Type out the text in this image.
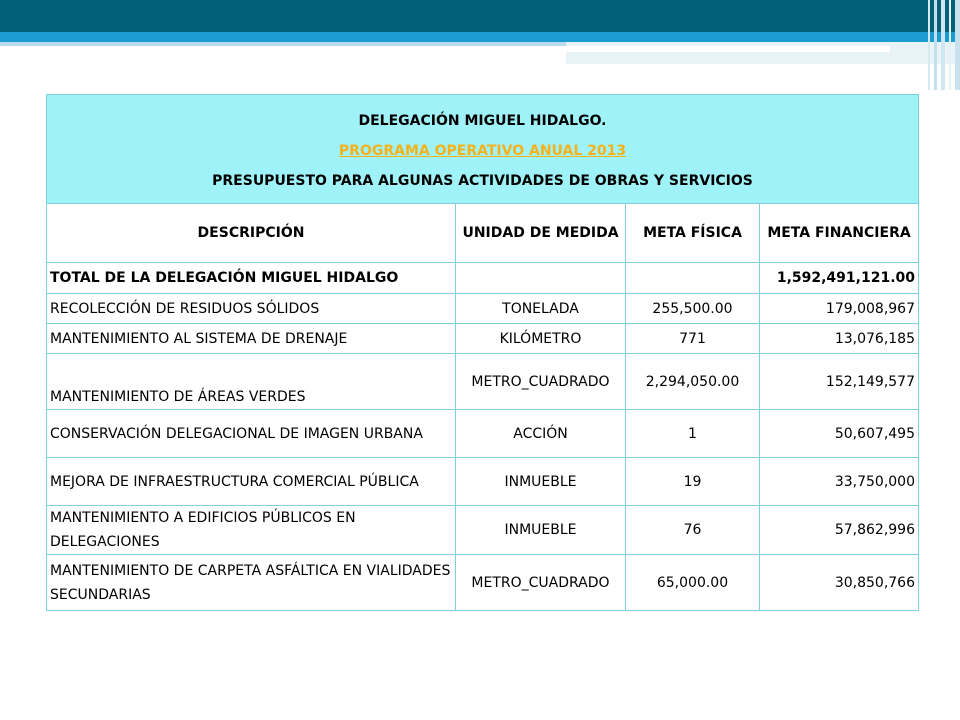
DELEGACIÓN MIGUEL HIDALGO.
PROGRAMA OPERATIVO ANUAL 2013
PRESUPUESTO PARA ALGUNAS ACTIVIDADES DE OBRAS Y SERVICIOS			

DESCRIPCIÓN	UNIDAD DE MEDIDA	META FÍSICA	META FINANCIERA
TOTAL DE LA DELEGACIÓN MIGUEL HIDALGO			1,592,491,121.00
RECOLECCIÓN DE RESIDUOS SÓLIDOS	TONELADA	255,500.00	179,008,967
MANTENIMIENTO AL SISTEMA DE DRENAJE	KILÓMETRO	771	13,076,185
MANTENIMIENTO DE ÁREAS VERDES	METRO_CUADRADO	2,294,050.00	152,149,577
CONSERVACIÓN DELEGACIONAL DE IMAGEN URBANA	ACCIÓN	1	50,607,495
MEJORA DE INFRAESTRUCTURA COMERCIAL PÚBLICA	INMUEBLE	19	33,750,000
MANTENIMIENTO A EDIFICIOS PÚBLICOS EN DELEGACIONES	INMUEBLE	76	57,862,996
MANTENIMIENTO DE CARPETA ASFÁLTICA EN VIALIDADES SECUNDARIAS	METRO_CUADRADO	65,000.00	30,850,766
